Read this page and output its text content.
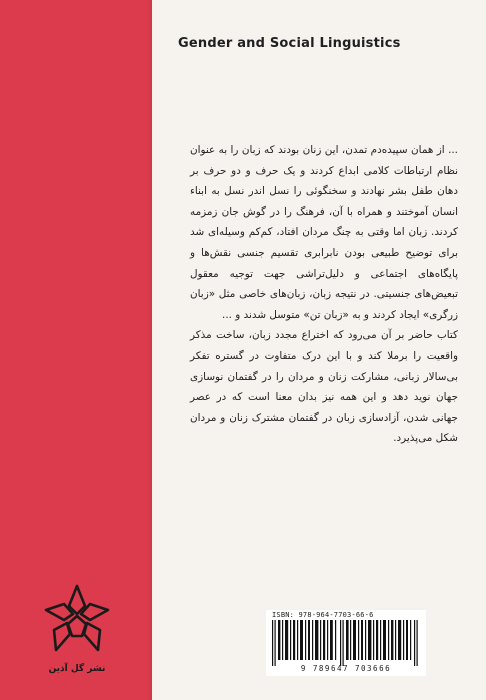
Gender and Social Linguistics

... از همان سپیده‌دم تمدن، این زنان بودند که زبان را به عنوان نظام ارتباطات کلامی ابداع کردند و یک حرف و دو حرف بر دهان طفل بشر نهادند و سخنگوئی را نسل اندر نسل به ابناء انسان آموختند و همراه با آن، فرهنگ را در گوش جان زمزمه کردند. زبان اما وقتی به چنگ مردان افتاد، کم‌کم وسیله‌ای شد برای توضیح طبیعی بودن نابرابری تقسیم جنسی نقش‌ها و پایگاه‌های اجتماعی و دلیل‌تراشی جهت توجیه معقول تبعیض‌های جنسیتی. در نتیجه زبان، زبان‌های خاصی مثل «زبان زرگری» ایجاد کردند و به «زبان تن» متوسل شدند و ...

کتاب حاضر بر آن می‌رود که اختراع مجدد زبان، ساخت مذکر واقعیت را برملا کند و با این درک متفاوت در گستره تفکر بی‌سالار زبانی، مشارکت زنان و مردان را در گفتمان نوسازی جهان نوید دهد و این همه نیز بدان معنا است که در عصر جهانی شدن، آزادسازی زبان در گفتمان مشترک زنان و مردان شکل می‌پذیرد.

نشر گل آذین
ISBN: 978-964-7703-66-6
9 789647 703666
